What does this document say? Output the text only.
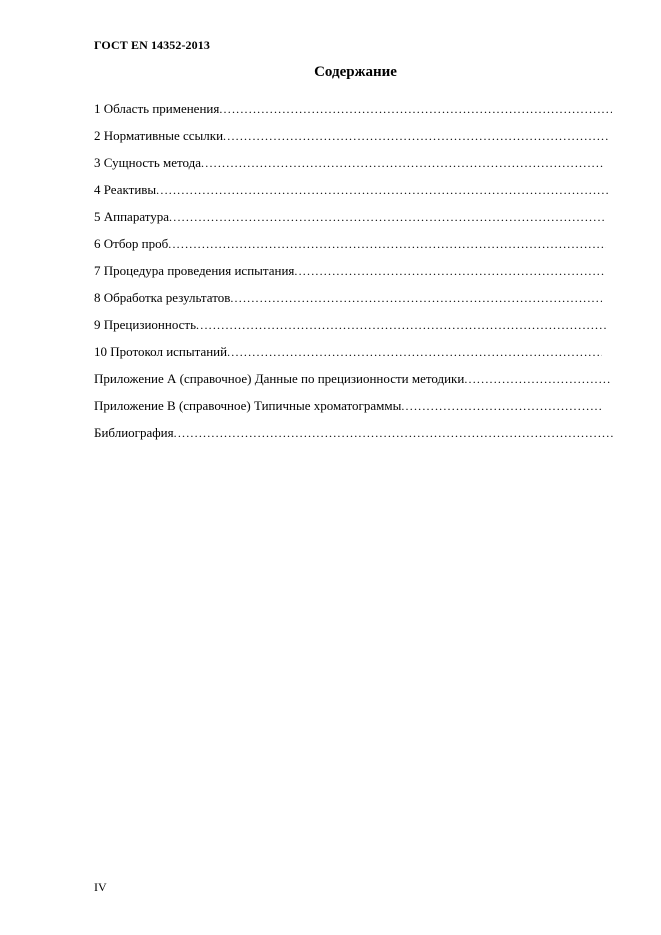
ГОСТ EN 14352-2013
Содержание
1 Область применения
.....
2 Нормативные ссылки
.....
3 Сущность метода
.....
4 Реактивы
.....
5 Аппаратура
.....
6 Отбор проб
.....
7 Процедура проведения испытания
.....
8 Обработка результатов
.....
9 Прецизионность
.....
10 Протокол испытаний
.....
Приложение А (справочное) Данные по прецизионности методики
.....
Приложение В (справочное) Типичные хроматограммы
.....
Библиография
.....
IV
